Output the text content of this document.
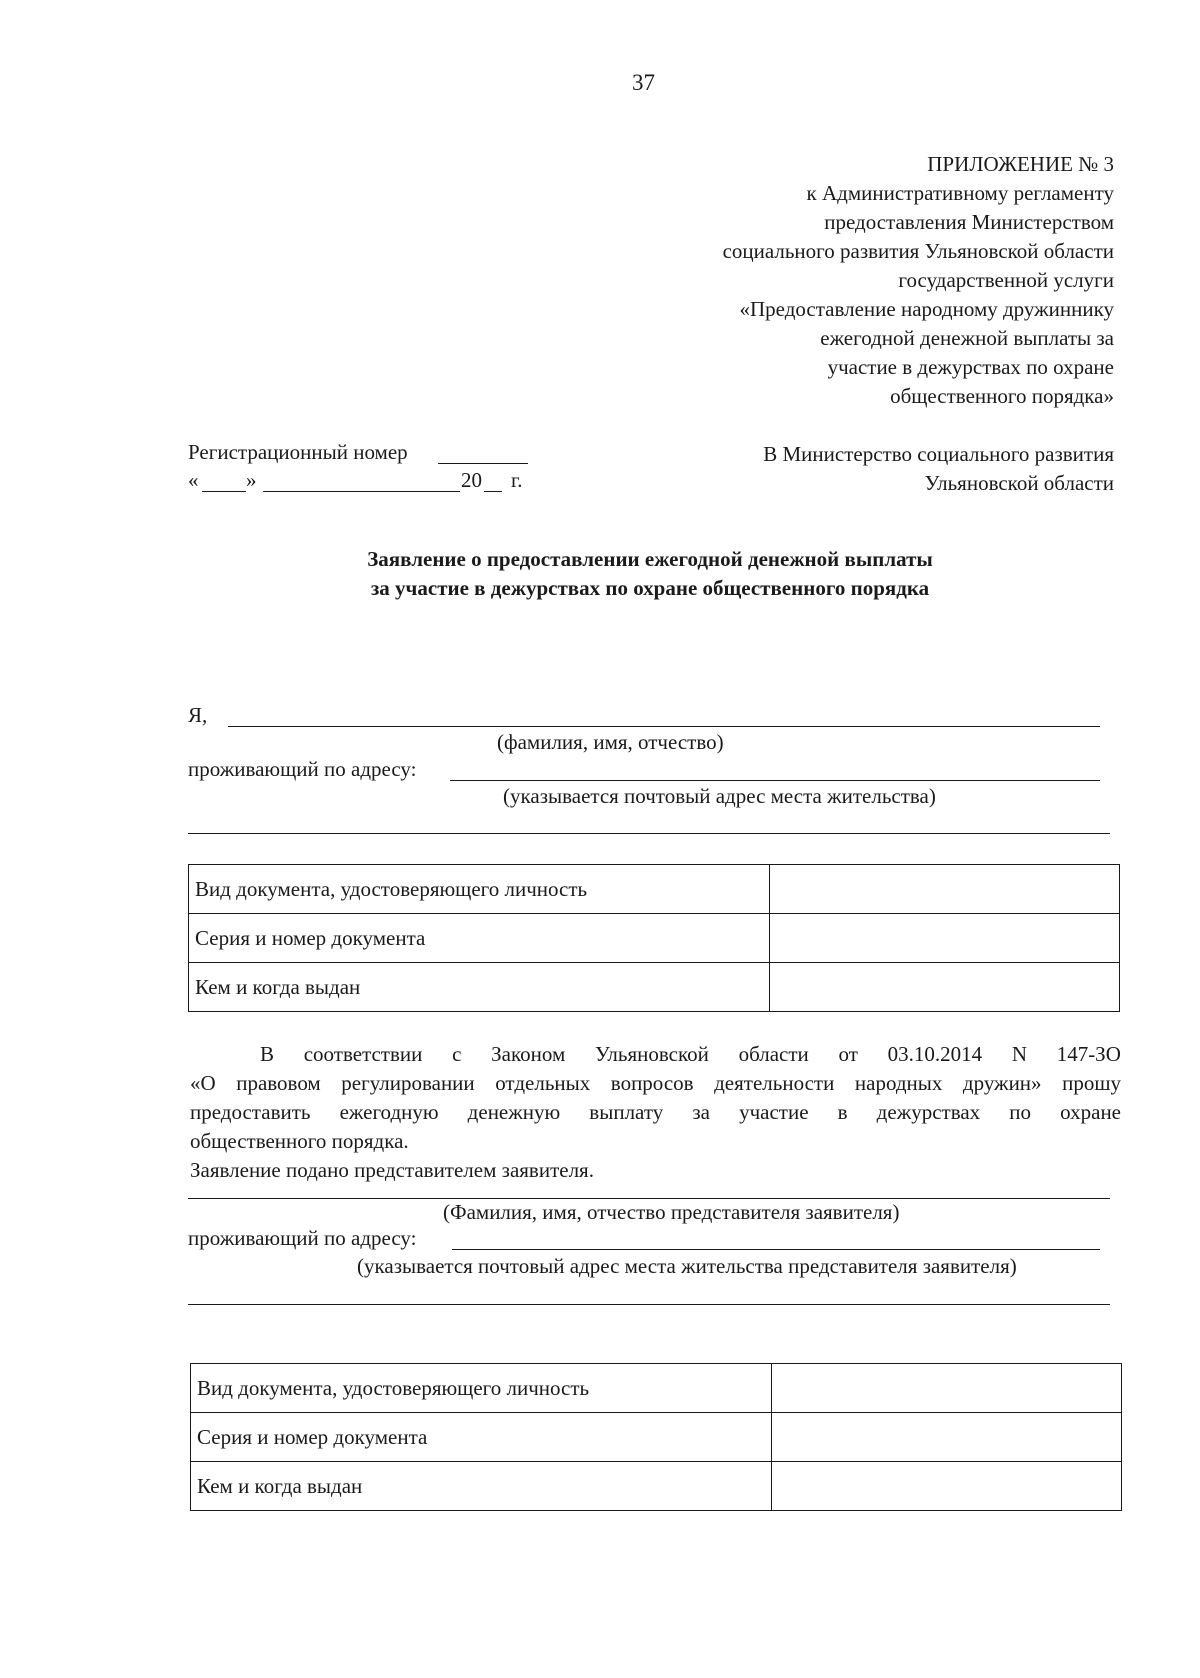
37
ПРИЛОЖЕНИЕ № 3
к Административному регламенту
предоставления Министерством
социального развития Ульяновской области
государственной услуги
«Предоставление народному дружиннику
ежегодной денежной выплаты за
участие в дежурствах по охране
общественного порядка»
Регистрационный номер
« »	20 г.
В Министерство социального развития
Ульяновской области
Заявление о предоставлении ежегодной денежной выплаты
за участие в дежурствах по охране общественного порядка
Я,
(фамилия, имя, отчество)
проживающий по адресу:
(указывается почтовый адрес места жительства)
Вид документа, удостоверяющего личность	
Серия и номер документа	
Кем и когда выдан	
В соответствии с Законом Ульяновской области от 03.10.2014 N 147-ЗО
«О правовом регулировании отдельных вопросов деятельности народных дружин» прошу
предоставить ежегодную денежную выплату за участие в дежурствах по охране
общественного порядка.
Заявление подано представителем заявителя.
(Фамилия, имя, отчество представителя заявителя)
проживающий по адресу:
(указывается почтовый адрес места жительства представителя заявителя)
Вид документа, удостоверяющего личность	
Серия и номер документа	
Кем и когда выдан	
